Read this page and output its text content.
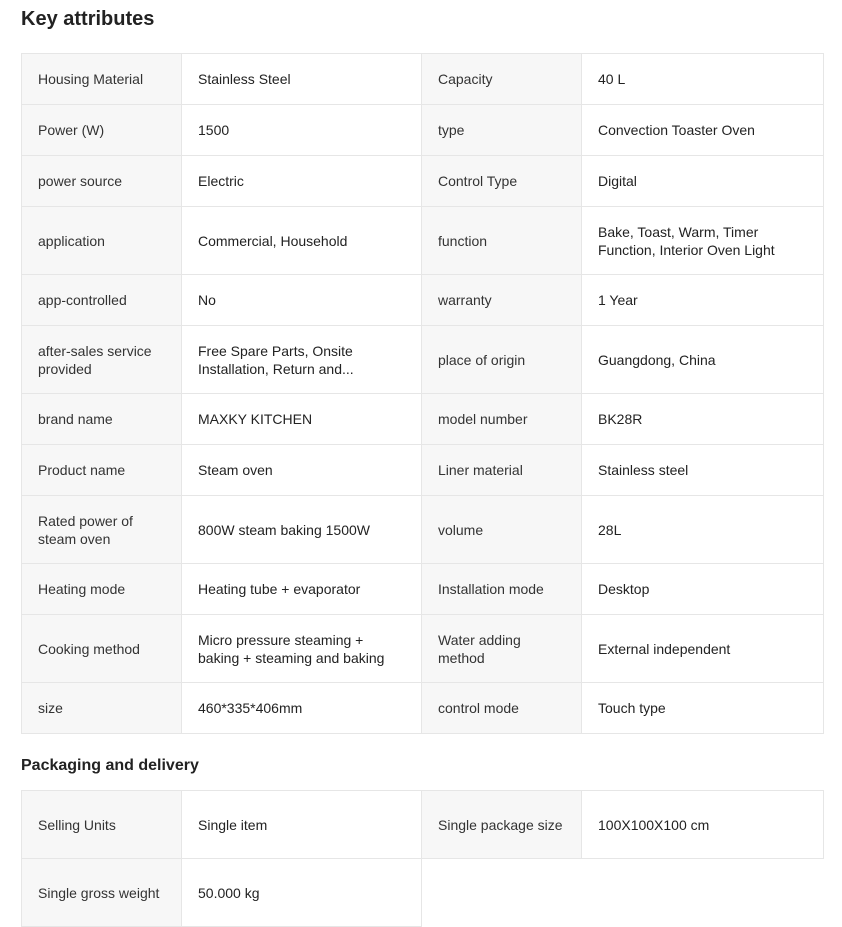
Key attributes
Housing Material	Stainless Steel	Capacity	40 L
Power (W)	1500	type	Convection Toaster Oven
power source	Electric	Control Type	Digital
application	Commercial, Household	function	Bake, Toast, Warm, Timer Function, Interior Oven Light
app-controlled	No	warranty	1 Year
after-sales service provided	Free Spare Parts, Onsite Installation, Return and...	place of origin	Guangdong, China
brand name	MAXKY KITCHEN	model number	BK28R
Product name	Steam oven	Liner material	Stainless steel
Rated power of steam oven	800W steam baking 1500W	volume	28L
Heating mode	Heating tube + evaporator	Installation mode	Desktop
Cooking method	Micro pressure steaming + baking + steaming and baking	Water adding method	External independent
size	460*335*406mm	control mode	Touch type
Packaging and delivery
Selling Units	Single item	Single package size	100X100X100 cm
Single gross weight	50.000 kg		
